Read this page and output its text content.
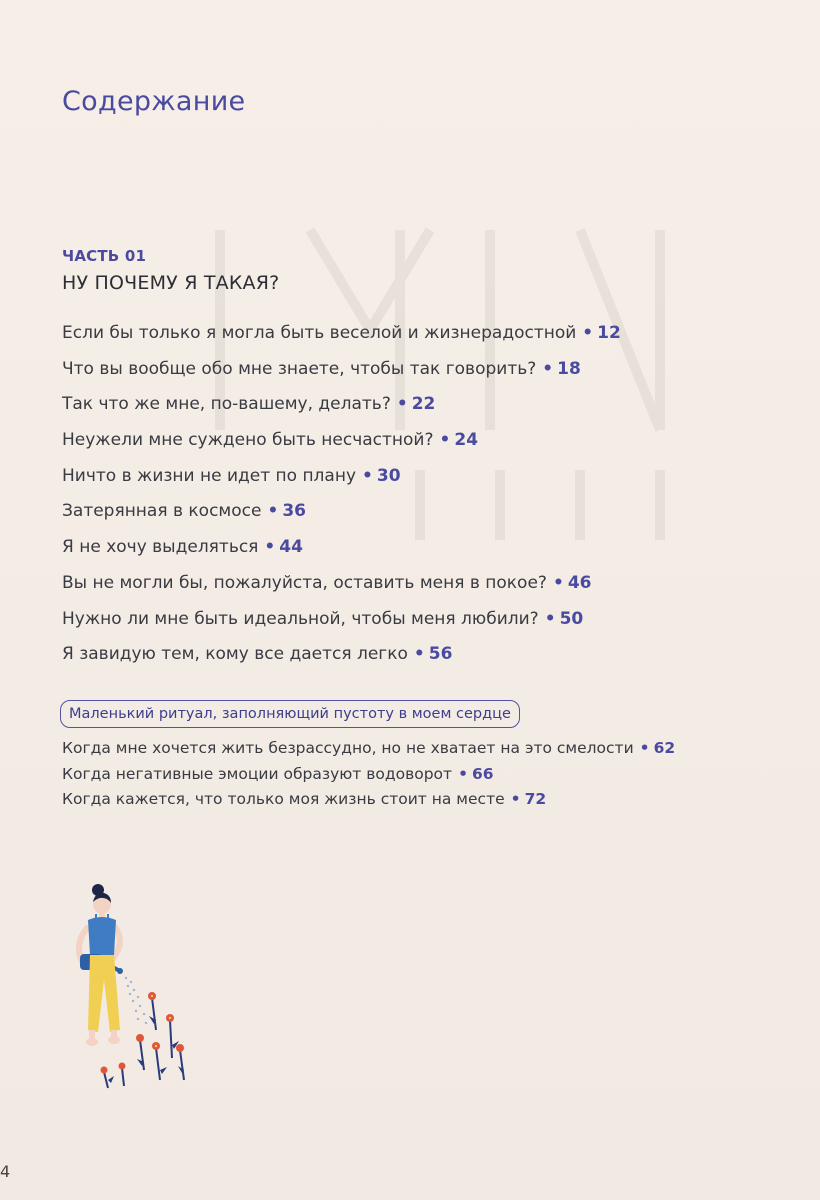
Содержание
ЧАСТЬ 01
НУ ПОЧЕМУ Я ТАКАЯ?
Если бы только я могла быть веселой и жизнерадостной • 12
Что вы вообще обо мне знаете, чтобы так говорить? • 18
Так что же мне, по-вашему, делать? • 22
Неужели мне суждено быть несчастной? • 24
Ничто в жизни не идет по плану • 30
Затерянная в космосе • 36
Я не хочу выделяться • 44
Вы не могли бы, пожалуйста, оставить меня в покое? • 46
Нужно ли мне быть идеальной, чтобы меня любили? • 50
Я завидую тем, кому все дается легко • 56
Маленький ритуал, заполняющий пустоту в моем сердце
Когда мне хочется жить безрассудно, но не хватает на это смелости • 62
Когда негативные эмоции образуют водоворот • 66
Когда кажется, что только моя жизнь стоит на месте • 72
4
